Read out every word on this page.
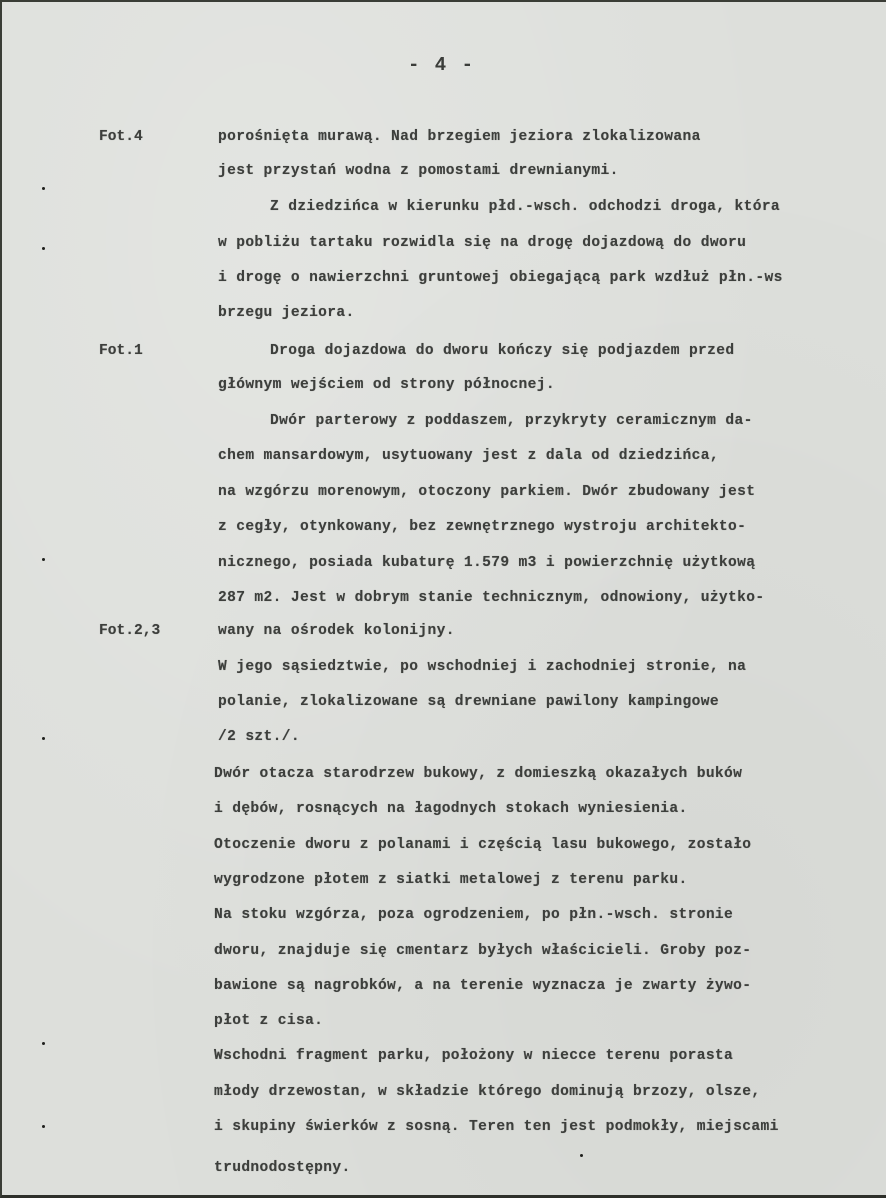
- 4 -
Fot.4
Fot.1
Fot.2,3
porośnięta murawą. Nad brzegiem jeziora zlokalizowana
jest przystań wodna z pomostami drewnianymi.
Z dziedzińca w kierunku płd.-wsch. odchodzi droga, która
w pobliżu tartaku rozwidla się na drogę dojazdową do dworu
i drogę o nawierzchni gruntowej obiegającą park wzdłuż płn.-ws
brzegu jeziora.
Droga dojazdowa do dworu kończy się podjazdem przed
głównym wejściem od strony północnej.
Dwór parterowy z poddaszem, przykryty ceramicznym da-
chem mansardowym, usytuowany jest z dala od dziedzińca,
na wzgórzu morenowym, otoczony parkiem. Dwór zbudowany jest
z cegły, otynkowany, bez zewnętrznego wystroju architekto-
nicznego, posiada kubaturę 1.579 m3 i powierzchnię użytkową
287 m2. Jest w dobrym stanie technicznym, odnowiony, użytko-
wany na ośrodek kolonijny.
W jego sąsiedztwie, po wschodniej i zachodniej stronie, na
polanie, zlokalizowane są drewniane pawilony kampingowe
/2 szt./.
Dwór otacza starodrzew bukowy, z domieszką okazałych buków
i dębów, rosnących na łagodnych stokach wyniesienia.
Otoczenie dworu z polanami i częścią lasu bukowego, zostało
wygrodzone płotem z siatki metalowej z terenu parku.
Na stoku wzgórza, poza ogrodzeniem, po płn.-wsch. stronie
dworu, znajduje się cmentarz byłych właścicieli. Groby poz-
bawione są nagrobków, a na terenie wyznacza je zwarty żywo-
płot z cisa.
Wschodni fragment parku, położony w niecce terenu porasta
młody drzewostan, w składzie którego dominują brzozy, olsze,
i skupiny świerków z sosną. Teren ten jest podmokły, miejscami
trudnodostępny.
